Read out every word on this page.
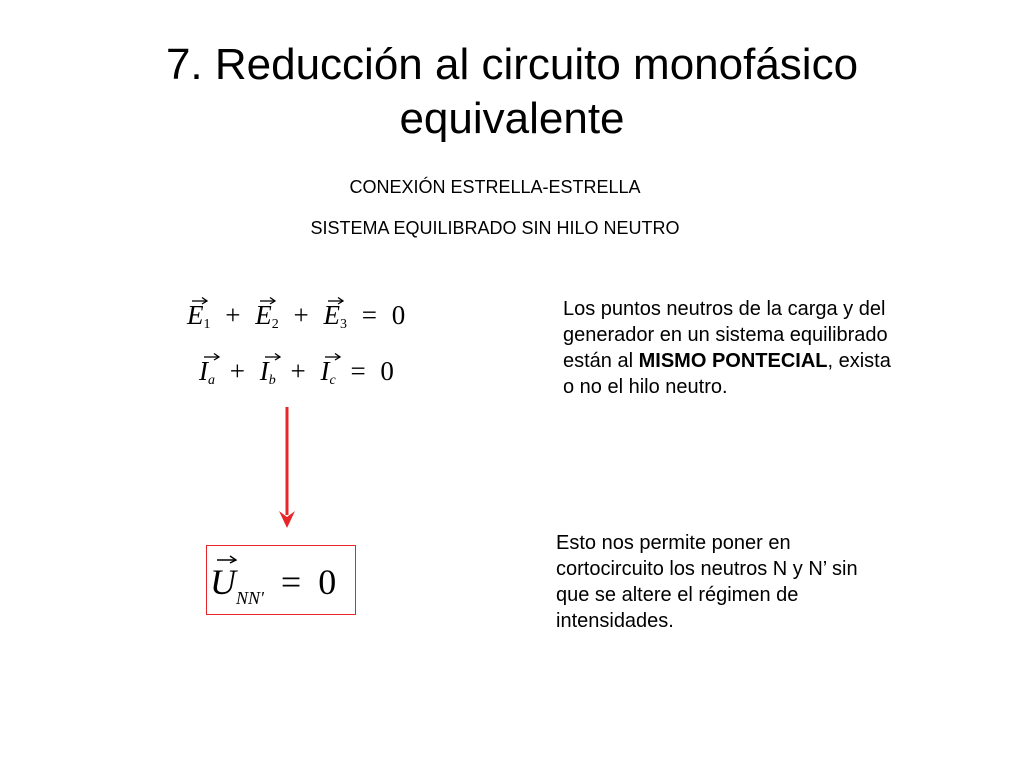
7. Reducción al circuito monofásico
equivalente
CONEXIÓN ESTRELLA-ESTRELLA
SISTEMA EQUILIBRADO SIN HILO NEUTRO
$E_1 + E_2 + E_3 = 0$
$I_a + I_b + I_c = 0$
$U_{NN'} = 0$
Los puntos neutros de la carga y del generador en un sistema equilibrado están al MISMO PONTECIAL, exista o no el hilo neutro.
Esto nos permite poner en cortocircuito los neutros N y N’ sin que se altere el régimen de intensidades.
